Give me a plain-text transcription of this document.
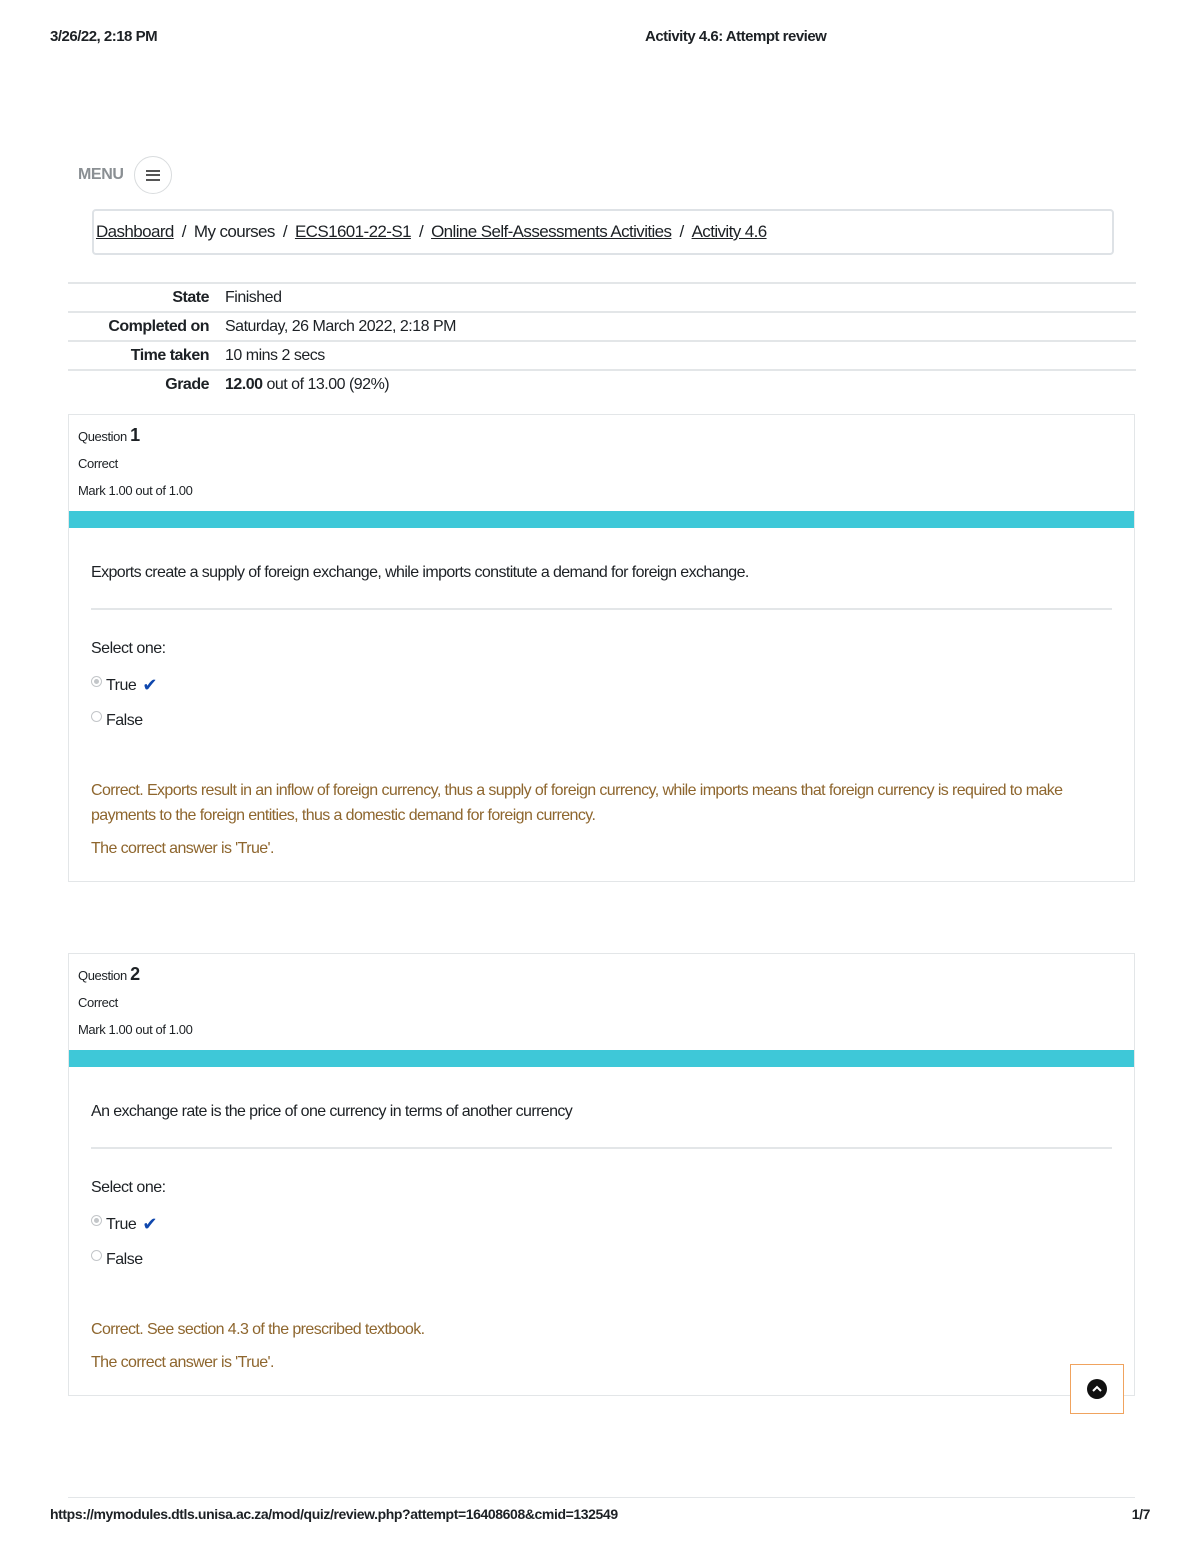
3/26/22, 2:18 PM	Activity 4.6: Attempt review
MENU
Dashboard / My courses / ECS1601-22-S1 / Online Self-Assessments Activities / Activity 4.6
State	Finished
Completed on	Saturday, 26 March 2022, 2:18 PM
Time taken	10 mins 2 secs
Grade	12.00 out of 13.00 (92%)
Question 1
Correct
Mark 1.00 out of 1.00
Exports create a supply of foreign exchange, while imports constitute a demand for foreign exchange.
Select one:
True ✔
False
Correct. Exports result in an inflow of foreign currency, thus a supply of foreign currency, while imports means that foreign currency is required to make payments to the foreign entities, thus a domestic demand for foreign currency.
The correct answer is 'True'.
Question 2
Correct
Mark 1.00 out of 1.00
An exchange rate is the price of one currency in terms of another currency
Select one:
True ✔
False
Correct. See section 4.3 of the prescribed textbook.
The correct answer is 'True'.
https://mymodules.dtls.unisa.ac.za/mod/quiz/review.php?attempt=16408608&cmid=132549	1/7
